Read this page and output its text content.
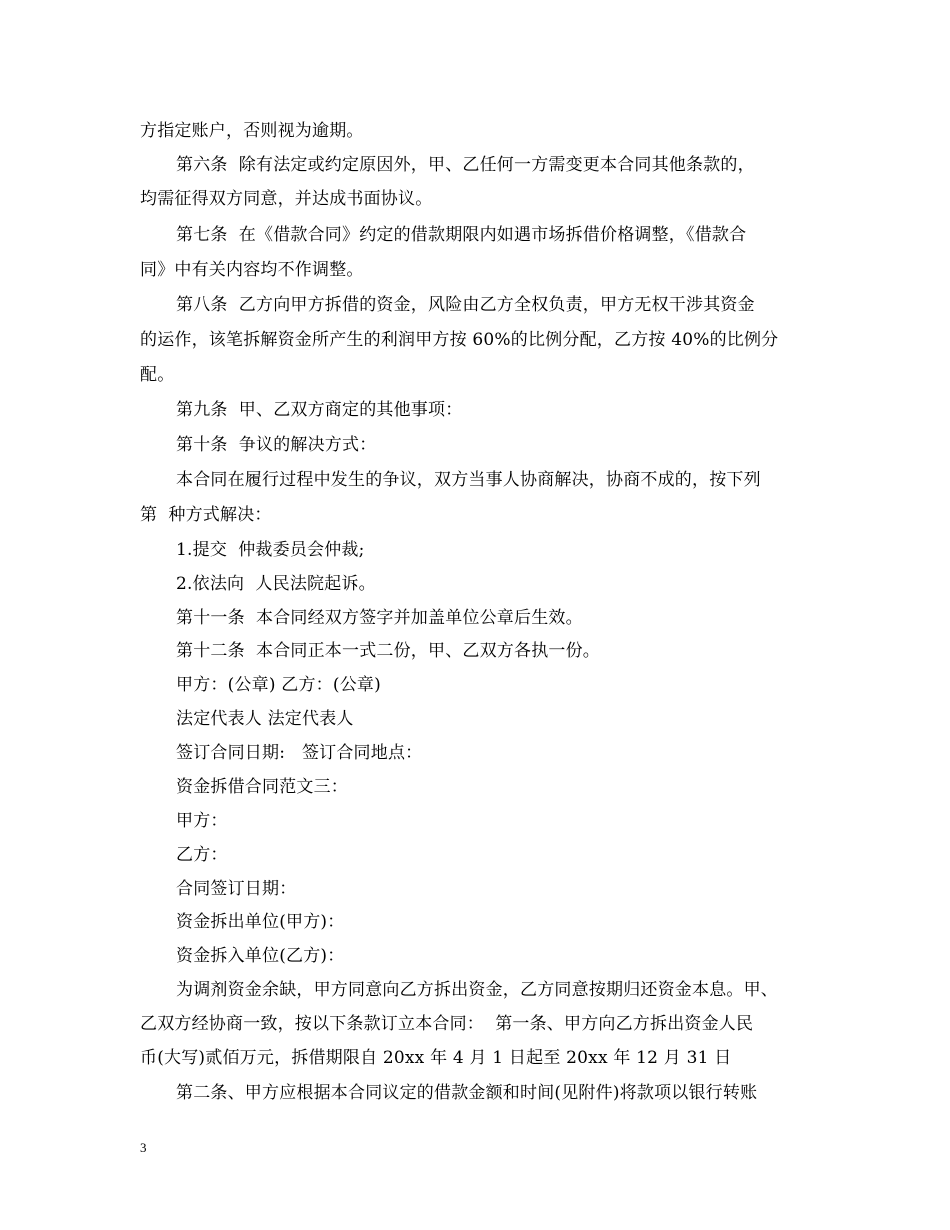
方指定账户，否则视为逾期。
第六条  除有法定或约定原因外，甲、乙任何一方需变更本合同其他条款的，
均需征得双方同意，并达成书面协议。
第七条  在《借款合同》约定的借款期限内如遇市场拆借价格调整，《借款合
同》中有关内容均不作调整。
第八条  乙方向甲方拆借的资金，风险由乙方全权负责，甲方无权干涉其资金
的运作，该笔拆解资金所产生的利润甲方按 60%的比例分配，乙方按 40%的比例分
配。
第九条  甲、乙双方商定的其他事项：
第十条  争议的解决方式：
本合同在履行过程中发生的争议，双方当事人协商解决，协商不成的，按下列
第  种方式解决：
1.提交  仲裁委员会仲裁;
2.依法向  人民法院起诉。
第十一条  本合同经双方签字并加盖单位公章后生效。
第十二条  本合同正本一式二份，甲、乙双方各执一份。
甲方：(公章) 乙方：(公章)
法定代表人 法定代表人
签订合同日期:   签订合同地点：
资金拆借合同范文三：
甲方：
乙方：
合同签订日期：
资金拆出单位(甲方)：
资金拆入单位(乙方)：
为调剂资金余缺，甲方同意向乙方拆出资金，乙方同意按期归还资金本息。甲、
乙双方经协商一致，按以下条款订立本合同：  第一条、甲方向乙方拆出资金人民
币(大写)贰佰万元，拆借期限自 20xx 年 4 月 1 日起至 20xx 年 12 月 31 日
第二条、甲方应根据本合同议定的借款金额和时间(见附件)将款项以银行转账
3
